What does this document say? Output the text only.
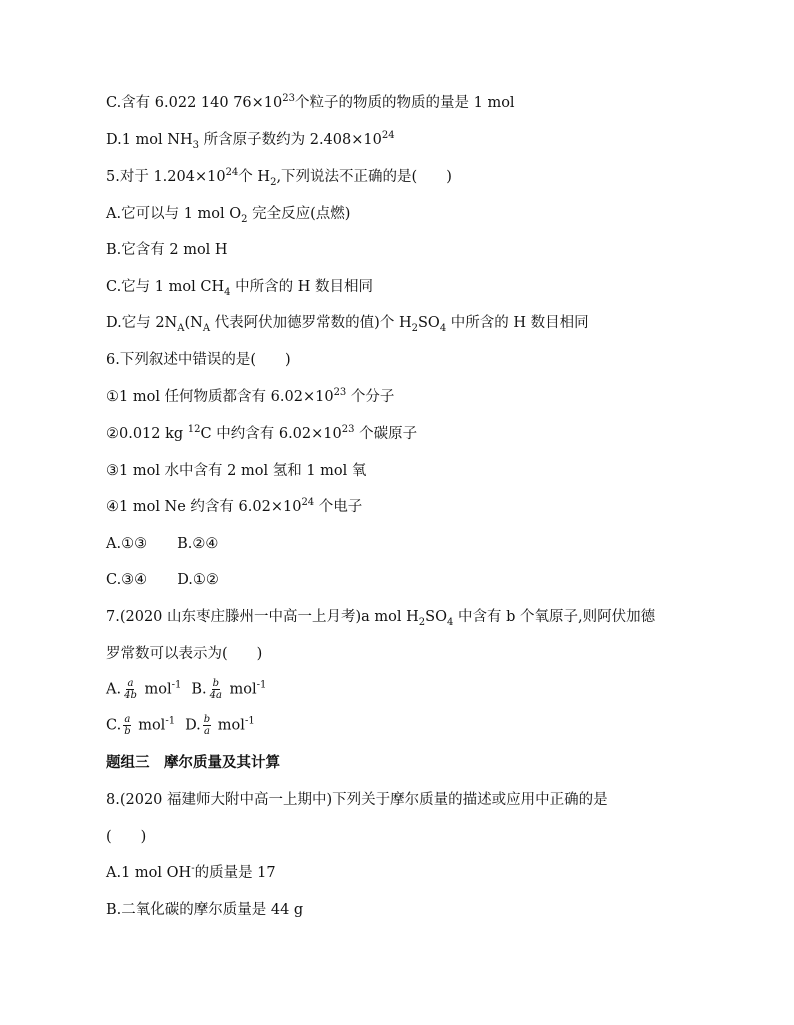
C.含有 6.022 140 $76\times 10^{23}$个粒子的物质的物质的量是 1 mol
D.1 mol $NH_3$ 所含原子数约为 $2.408\times 10^{24}$
5.对于 $1.204\times 10^{24}$个 $H_2$,下列说法不正确的是(　　)
A.它可以与 1 mol $O_2$ 完全反应(点燃)
B.它含有 2 mol H
C.它与 1 mol $CH_4$ 中所含的 H 数目相同
D.它与 $2N_A(N_A$ 代表阿伏加德罗常数的值)个 $H_2SO_4$ 中所含的 H 数目相同
6.下列叙述中错误的是(　　)
①1 mol 任何物质都含有 $6.02\times 10^{23}$ 个分子
②0.012 kg $^{12}$C 中约含有 $6.02\times 10^{23}$ 个碳原子
③1 mol 水中含有 2 mol 氢和 1 mol 氧
④1 mol Ne 约含有 $6.02\times 10^{24}$ 个电子
A.①③ B.②④
C.③④ D.①②
7.(2020 山东枣庄滕州一中高一上月考)a mol $H_2SO_4$ 中含有 b 个氧原子,则阿伏加德
罗常数可以表示为(　　)
A. $\frac{a}{4b} mol^{-1}$ B. $\frac{b}{4a} mol^{-1}$
C. $\frac{a}{b} mol^{-1}$ D. $\frac{b}{a} mol^{-1}$
题组三　摩尔质量及其计算
8.(2020 福建师大附中高一上期中)下列关于摩尔质量的描述或应用中正确的是
(　　)
A.1 mol OH-的质量是 17
B.二氧化碳的摩尔质量是 44 g
